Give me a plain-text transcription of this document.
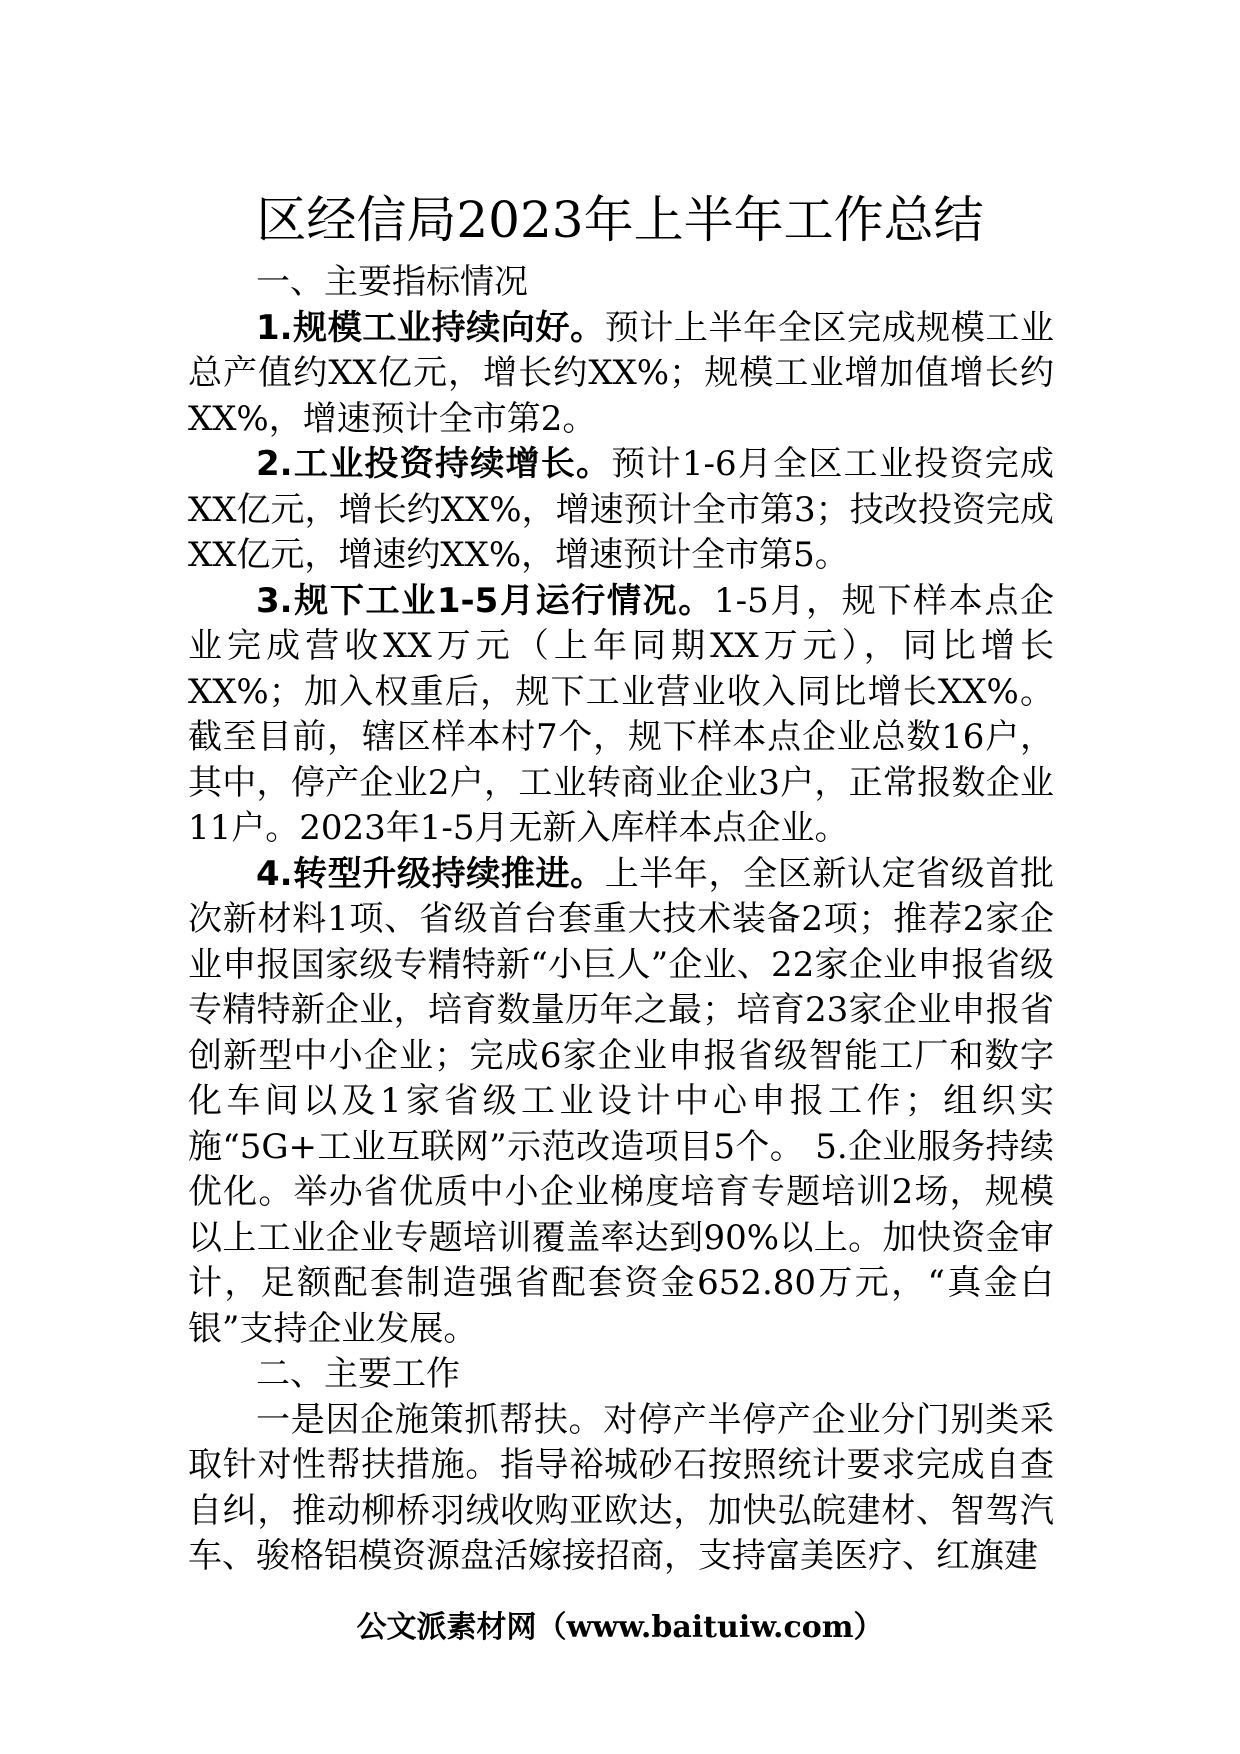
区经信局2023年上半年工作总结

一、主要指标情况

1.规模工业持续向好。预计上半年全区完成规模工业总产值约XX亿元，增长约XX%；规模工业增加值增长约XX%，增速预计全市第2。

2.工业投资持续增长。预计1-6月全区工业投资完成XX亿元，增长约XX%，增速预计全市第3；技改投资完成XX亿元，增速约XX%，增速预计全市第5。

3.规下工业1-5月运行情况。1-5月，规下样本点企业完成营收XX万元（上年同期XX万元），同比增长XX%；加入权重后，规下工业营业收入同比增长XX%。截至目前，辖区样本村7个，规下样本点企业总数16户，其中，停产企业2户，工业转商业企业3户，正常报数企业11户。2023年1-5月无新入库样本点企业。

4.转型升级持续推进。上半年，全区新认定省级首批次新材料1项、省级首台套重大技术装备2项；推荐2家企业申报国家级专精特新“小巨人”企业、22家企业申报省级专精特新企业，培育数量历年之最；培育23家企业申报省创新型中小企业；完成6家企业申报省级智能工厂和数字化车间以及1家省级工业设计中心申报工作；组织实施“5G+工业互联网”示范改造项目5个。 5.企业服务持续优化。举办省优质中小企业梯度培育专题培训2场，规模以上工业企业专题培训覆盖率达到90%以上。加快资金审计，足额配套制造强省配套资金652.80万元，“真金白银”支持企业发展。

二、主要工作

一是因企施策抓帮扶。对停产半停产企业分门别类采取针对性帮扶措施。指导裕城砂石按照统计要求完成自查自纠，推动柳桥羽绒收购亚欧达，加快弘皖建材、智驾汽车、骏格铝模资源盘活嫁接招商，支持富美医疗、红旗建

公文派素材网（www.baituiw.com）
